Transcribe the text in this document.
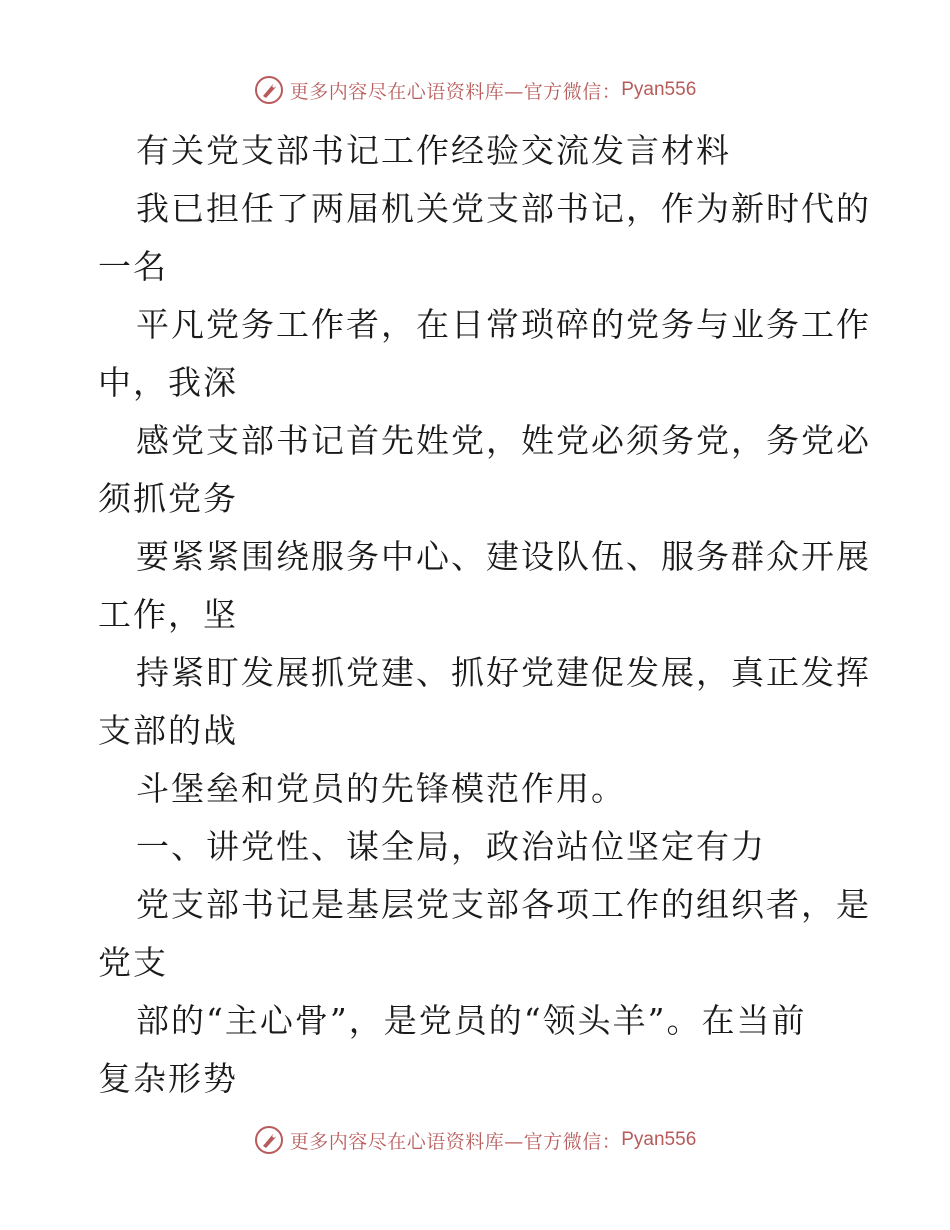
更多内容尽在心语资料库—官方微信： Pyan556
有关党支部书记工作经验交流发言材料
我已担任了两届机关党支部书记，作为新时代的
一名
平凡党务工作者，在日常琐碎的党务与业务工作
中，我深
感党支部书记首先姓党，姓党必须务党，务党必
须抓党务
要紧紧围绕服务中心、建设队伍、服务群众开展
工作，坚
持紧盯发展抓党建、抓好党建促发展，真正发挥
支部的战
斗堡垒和党员的先锋模范作用。
一、讲党性、谋全局，政治站位坚定有力
党支部书记是基层党支部各项工作的组织者，是
党支
部的“主心骨”，是党员的“领头羊”。在当前
复杂形势
更多内容尽在心语资料库—官方微信： Pyan556
